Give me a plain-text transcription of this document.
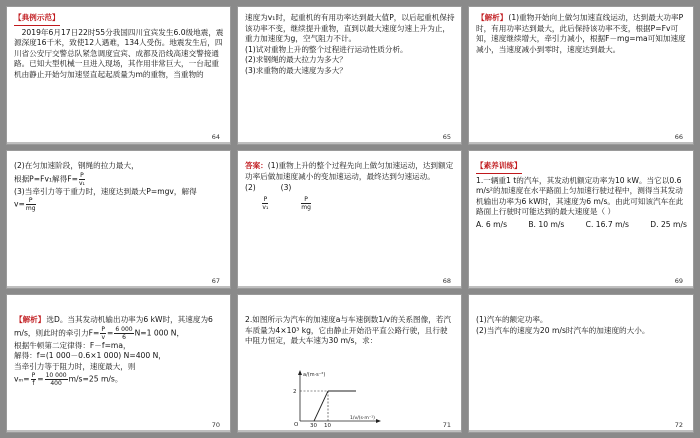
【典例示范】
2019年6月17日22时55分我国四川宜宾发生6.0级地震，震源深度16千米，致使12人遇难，134人受伤。地震发生后，四川省公安厅交警总队紧急调度宜宾、成都及沿线高速交警接通路。已知大型机械一旦进入现场，其作用非常巨大，一台起重机由静止开始匀加速竖直起起质量为m的重物，当重物的
64
速度为v₁时，起重机的有用功率达到最大值P，以后起重机保持该功率不变，继续提升重物，直到以最大速度匀速上升为止，重力加速度为g，空气阻力不计。
(1)试对重物上升的整个过程进行运动性质分析。
(2)求钢绳的最大拉力为多大？
(3)求重物的最大速度为多大？
65
【解析】(1)重物开始向上做匀加速直线运动，达到最大功率P时，有用功率达到最大，此后保持该功率不变，根据P=Fv可知，速度继续增大，牵引力减小，根据F－mg=ma可知加速度减小，当速度减小到零时，速度达到最大。
66
(2)在匀加速阶段，钢绳的拉力最大，
根据P=Fv₁解得$F= \frac{P}{\text{v₁}}$
(3)当牵引力等于重力时，速度达到最大P=mgv，解得
$v= \frac{P}{mg}$
67
答案：(1)重物上升的整个过程先向上做匀加速运动，达到额定功率后做加速度减小的变加速运动，最终达到匀速运动。
(2)	(3)

$\frac{P}{\text{v₁}}$
	$\frac{P}{mg}$
68
【素养训练】
1.一辆重1 t的汽车，其发动机额定功率为10 kW。当它以0.6 m/s²的加速度在水平路面上匀加速行驶过程中，测得当其发动机输出功率为6 kW时，其速度为6 m/s。由此可知该汽车在此路面上行驶时可能达到的最大速度是（ ）
A. 6 m/s	B. 10 m/s	C. 16.7 m/s	D. 25 m/s
69
【解析】选D。当其发动机输出功率为6 kW时，其速度为6 m/s，则此时的牵引力$F= \frac{P}{v} = \frac{6 000}{6} N=1$ 000 N，
根据牛顿第二定律得：F－f=ma，
解得：f=(1 000－0.6×1 000) N=400 N，
当牵引力等于阻力时，速度最大，则
$v_m= \frac{P}{f} = \frac{10 000}{400} m/s=25$ m/s。
70
2.如图所示为汽车的加速度a与车速倒数1/v的关系图像，若汽车质量为4×10³ kg，它由静止开始沿平直公路行驶，且行驶中阻力恒定，最大车速为30 m/s，求：
a/(m·s⁻²)
2
O 30 10
1/v/(s·m⁻¹)
71
(1)汽车的额定功率。
(2)当汽车的速度为20 m/s时汽车的加速度的大小。
72
